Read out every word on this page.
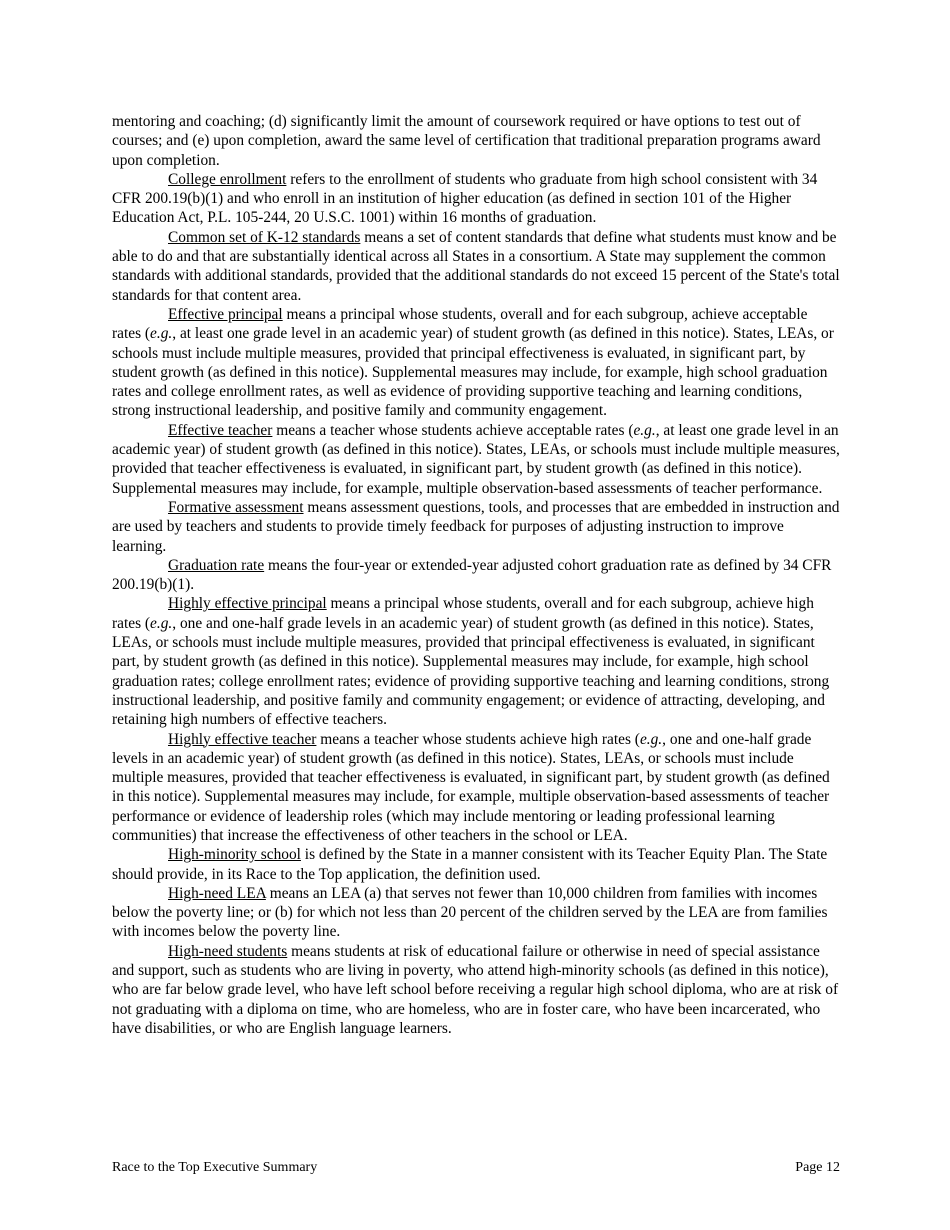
mentoring and coaching; (d) significantly limit the amount of coursework required or have options to test out of courses; and (e) upon completion, award the same level of certification that traditional preparation programs award upon completion.

College enrollment refers to the enrollment of students who graduate from high school consistent with 34 CFR 200.19(b)(1) and who enroll in an institution of higher education (as defined in section 101 of the Higher Education Act, P.L. 105-244, 20 U.S.C. 1001) within 16 months of graduation.

Common set of K-12 standards means a set of content standards that define what students must know and be able to do and that are substantially identical across all States in a consortium. A State may supplement the common standards with additional standards, provided that the additional standards do not exceed 15 percent of the State's total standards for that content area.

Effective principal means a principal whose students, overall and for each subgroup, achieve acceptable rates (e.g., at least one grade level in an academic year) of student growth (as defined in this notice). States, LEAs, or schools must include multiple measures, provided that principal effectiveness is evaluated, in significant part, by student growth (as defined in this notice). Supplemental measures may include, for example, high school graduation rates and college enrollment rates, as well as evidence of providing supportive teaching and learning conditions, strong instructional leadership, and positive family and community engagement.

Effective teacher means a teacher whose students achieve acceptable rates (e.g., at least one grade level in an academic year) of student growth (as defined in this notice). States, LEAs, or schools must include multiple measures, provided that teacher effectiveness is evaluated, in significant part, by student growth (as defined in this notice). Supplemental measures may include, for example, multiple observation-based assessments of teacher performance.

Formative assessment means assessment questions, tools, and processes that are embedded in instruction and are used by teachers and students to provide timely feedback for purposes of adjusting instruction to improve learning.

Graduation rate means the four-year or extended-year adjusted cohort graduation rate as defined by 34 CFR 200.19(b)(1).

Highly effective principal means a principal whose students, overall and for each subgroup, achieve high rates (e.g., one and one-half grade levels in an academic year) of student growth (as defined in this notice). States, LEAs, or schools must include multiple measures, provided that principal effectiveness is evaluated, in significant part, by student growth (as defined in this notice). Supplemental measures may include, for example, high school graduation rates; college enrollment rates; evidence of providing supportive teaching and learning conditions, strong instructional leadership, and positive family and community engagement; or evidence of attracting, developing, and retaining high numbers of effective teachers.

Highly effective teacher means a teacher whose students achieve high rates (e.g., one and one-half grade levels in an academic year) of student growth (as defined in this notice). States, LEAs, or schools must include multiple measures, provided that teacher effectiveness is evaluated, in significant part, by student growth (as defined in this notice). Supplemental measures may include, for example, multiple observation-based assessments of teacher performance or evidence of leadership roles (which may include mentoring or leading professional learning communities) that increase the effectiveness of other teachers in the school or LEA.

High-minority school is defined by the State in a manner consistent with its Teacher Equity Plan. The State should provide, in its Race to the Top application, the definition used.

High-need LEA means an LEA (a) that serves not fewer than 10,000 children from families with incomes below the poverty line; or (b) for which not less than 20 percent of the children served by the LEA are from families with incomes below the poverty line.

High-need students means students at risk of educational failure or otherwise in need of special assistance and support, such as students who are living in poverty, who attend high-minority schools (as defined in this notice), who are far below grade level, who have left school before receiving a regular high school diploma, who are at risk of not graduating with a diploma on time, who are homeless, who are in foster care, who have been incarcerated, who have disabilities, or who are English language learners.

Race to the Top Executive Summary	Page 12
